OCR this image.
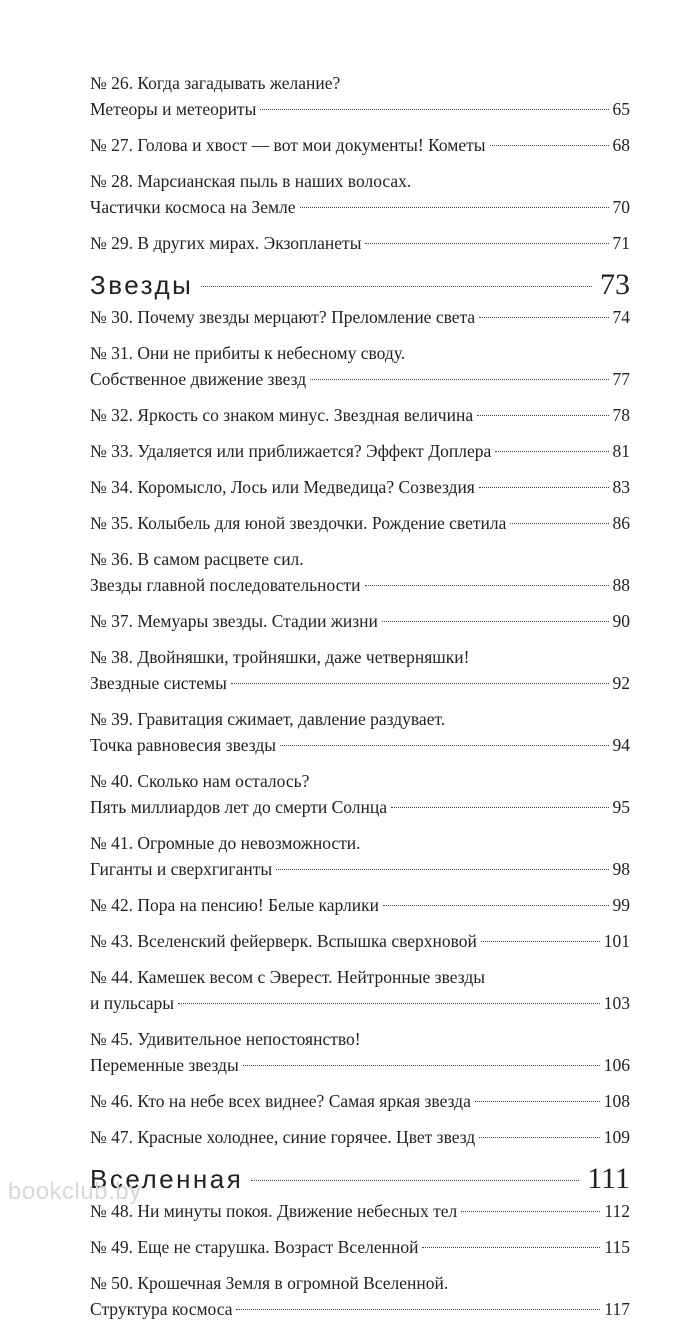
№ 26. Когда загадывать желание?
Метеоры и метеориты	65
№ 27. Голова и хвост — вот мои документы! Кометы	68
№ 28. Марсианская пыль в наших волосах.
Частички космоса на Земле	70
№ 29. В других мирах. Экзопланеты	71
Звезды	73
№ 30. Почему звезды мерцают? Преломление света	74
№ 31. Они не прибиты к небесному своду.
Собственное движение звезд	77
№ 32. Яркость со знаком минус. Звездная величина	78
№ 33. Удаляется или приближается? Эффект Доплера	81
№ 34. Коромысло, Лось или Медведица? Созвездия	83
№ 35. Колыбель для юной звездочки. Рождение светила	86
№ 36. В самом расцвете сил.
Звезды главной последовательности	88
№ 37. Мемуары звезды. Стадии жизни	90
№ 38. Двойняшки, тройняшки, даже четверняшки!
Звездные системы	92
№ 39. Гравитация сжимает, давление раздувает.
Точка равновесия звезды	94
№ 40. Сколько нам осталось?
Пять миллиардов лет до смерти Солнца	95
№ 41. Огромные до невозможности.
Гиганты и сверхгиганты	98
№ 42. Пора на пенсию! Белые карлики	99
№ 43. Вселенский фейерверк. Вспышка сверхновой	101
№ 44. Камешек весом с Эверест. Нейтронные звезды
и пульсары	103
№ 45. Удивительное непостоянство!
Переменные звезды	106
№ 46. Кто на небе всех виднее? Самая яркая звезда	108
№ 47. Красные холоднее, синие горячее. Цвет звезд	109
Вселенная	111
№ 48. Ни минуты покоя. Движение небесных тел	112
№ 49. Еще не старушка. Возраст Вселенной	115
№ 50. Крошечная Земля в огромной Вселенной.
Структура космоса	117
bookclub.by
